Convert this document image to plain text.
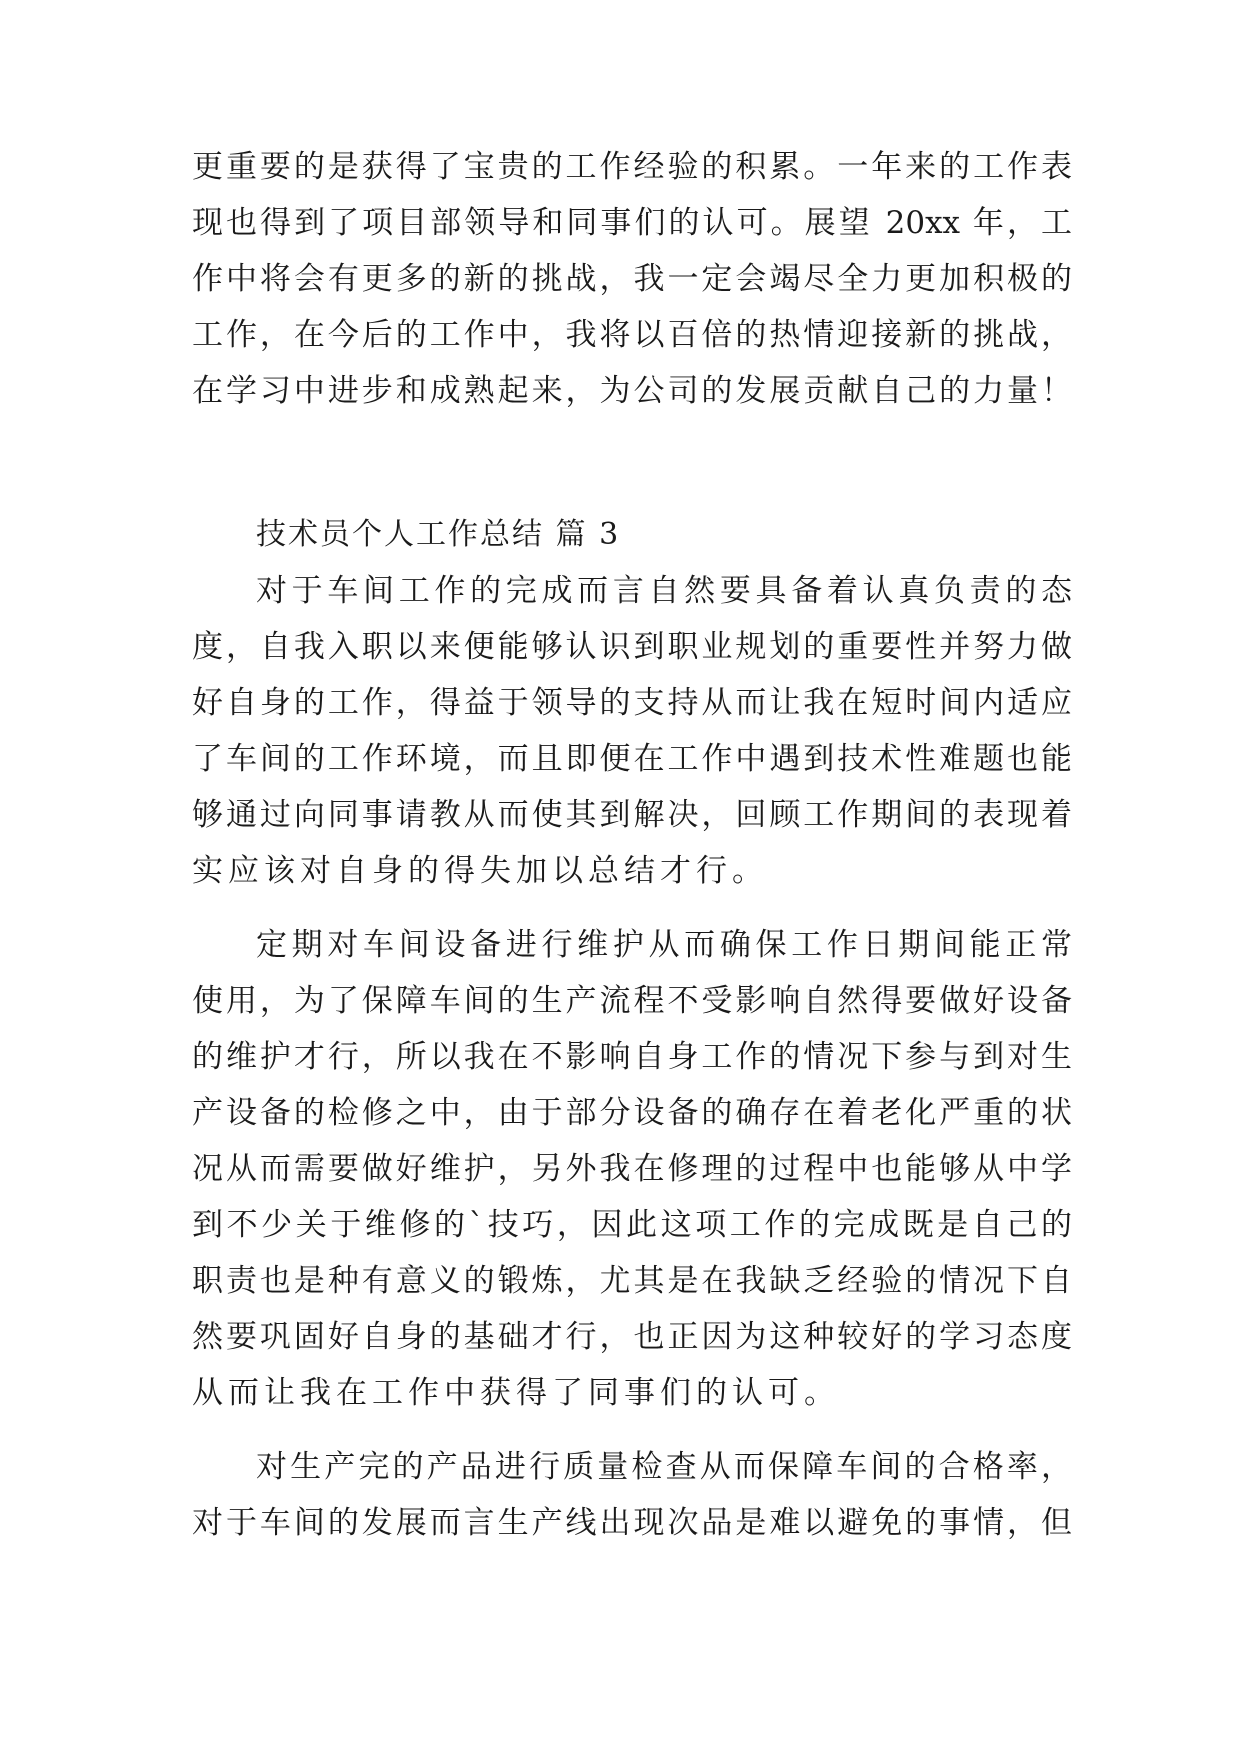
更重要的是获得了宝贵的工作经验的积累。一年来的工作表
现也得到了项目部领导和同事们的认可。展望 20xx 年，工
作中将会有更多的新的挑战，我一定会竭尽全力更加积极的
工作，在今后的工作中，我将以百倍的热情迎接新的挑战，
在学习中进步和成熟起来，为公司的发展贡献自己的力量！
技术员个人工作总结 篇 3
对于车间工作的完成而言自然要具备着认真负责的态
度，自我入职以来便能够认识到职业规划的重要性并努力做
好自身的工作，得益于领导的支持从而让我在短时间内适应
了车间的工作环境，而且即便在工作中遇到技术性难题也能
够通过向同事请教从而使其到解决，回顾工作期间的表现着
实应该对自身的得失加以总结才行。
定期对车间设备进行维护从而确保工作日期间能正常
使用，为了保障车间的生产流程不受影响自然得要做好设备
的维护才行，所以我在不影响自身工作的情况下参与到对生
产设备的检修之中，由于部分设备的确存在着老化严重的状
况从而需要做好维护，另外我在修理的过程中也能够从中学
到不少关于维修的`技巧，因此这项工作的完成既是自己的
职责也是种有意义的锻炼，尤其是在我缺乏经验的情况下自
然要巩固好自身的基础才行，也正因为这种较好的学习态度
从而让我在工作中获得了同事们的认可。
对生产完的产品进行质量检查从而保障车间的合格率，
对于车间的发展而言生产线出现次品是难以避免的事情，但
